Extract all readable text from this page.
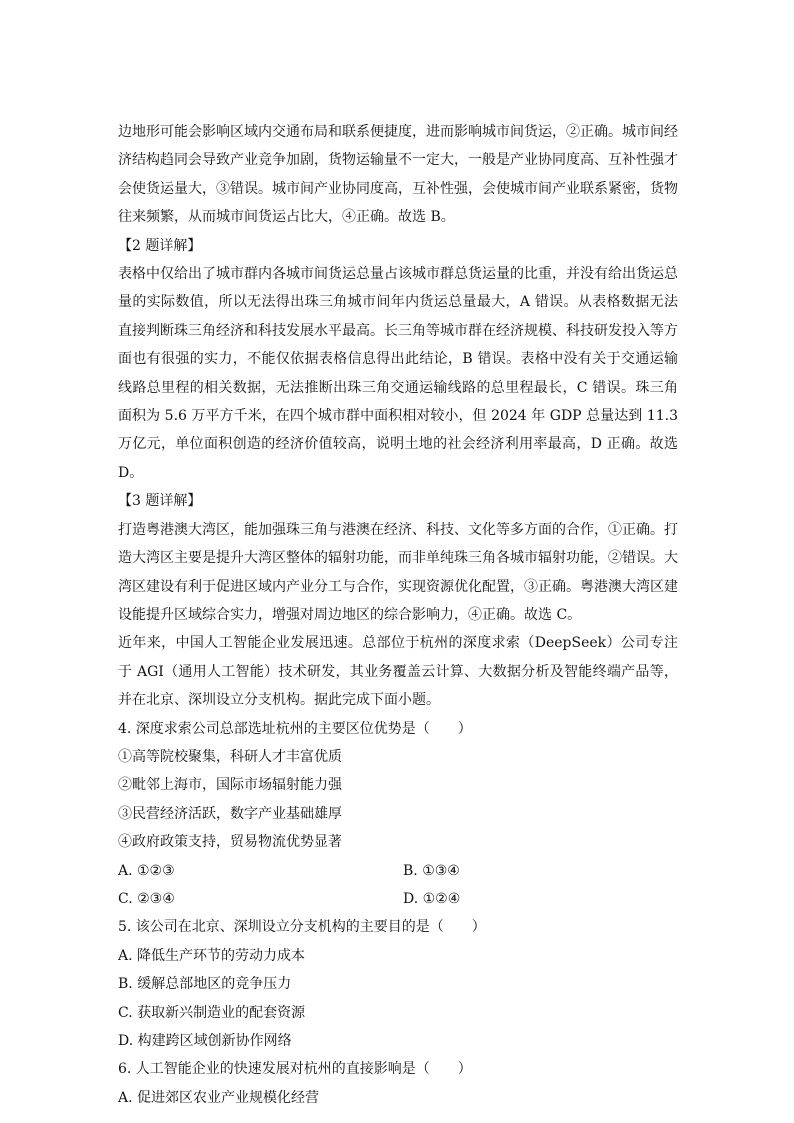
边地形可能会影响区域内交通布局和联系便捷度，进而影响城市间货运，②正确。城市间经济结构趋同会导致产业竞争加剧，货物运输量不一定大，一般是产业协同度高、互补性强才会使货运量大，③错误。城市间产业协同度高，互补性强，会使城市间产业联系紧密，货物往来频繁，从而城市间货运占比大，④正确。故选 B。

【2 题详解】

表格中仅给出了城市群内各城市间货运总量占该城市群总货运量的比重，并没有给出货运总量的实际数值，所以无法得出珠三角城市间年内货运总量最大，A 错误。从表格数据无法直接判断珠三角经济和科技发展水平最高。长三角等城市群在经济规模、科技研发投入等方面也有很强的实力，不能仅依据表格信息得出此结论，B 错误。表格中没有关于交通运输线路总里程的相关数据，无法推断出珠三角交通运输线路的总里程最长，C 错误。珠三角面积为 5.6 万平方千米，在四个城市群中面积相对较小，但 2024 年 GDP 总量达到 11.3 万亿元，单位面积创造的经济价值较高，说明土地的社会经济利用率最高，D 正确。故选 D。

【3 题详解】

打造粤港澳大湾区，能加强珠三角与港澳在经济、科技、文化等多方面的合作，①正确。打造大湾区主要是提升大湾区整体的辐射功能，而非单纯珠三角各城市辐射功能，②错误。大湾区建设有利于促进区域内产业分工与合作，实现资源优化配置，③正确。粤港澳大湾区建设能提升区域综合实力，增强对周边地区的综合影响力，④正确。故选 C。

近年来，中国人工智能企业发展迅速。总部位于杭州的深度求索（DeepSeek）公司专注于 AGI（通用人工智能）技术研发，其业务覆盖云计算、大数据分析及智能终端产品等，并在北京、深圳设立分支机构。据此完成下面小题。

4. 深度求索公司总部选址杭州的主要区位优势是（　　）

①高等院校聚集，科研人才丰富优质

②毗邻上海市，国际市场辐射能力强

③民营经济活跃，数字产业基础雄厚

④政府政策支持，贸易物流优势显著

A. ①②③	B. ①③④
C. ②③④	D. ①②④

5. 该公司在北京、深圳设立分支机构的主要目的是（　　）

A. 降低生产环节的劳动力成本

B. 缓解总部地区的竞争压力

C. 获取新兴制造业的配套资源

D. 构建跨区域创新协作网络

6. 人工智能企业的快速发展对杭州的直接影响是（　　）

A. 促进郊区农业产业规模化经营
